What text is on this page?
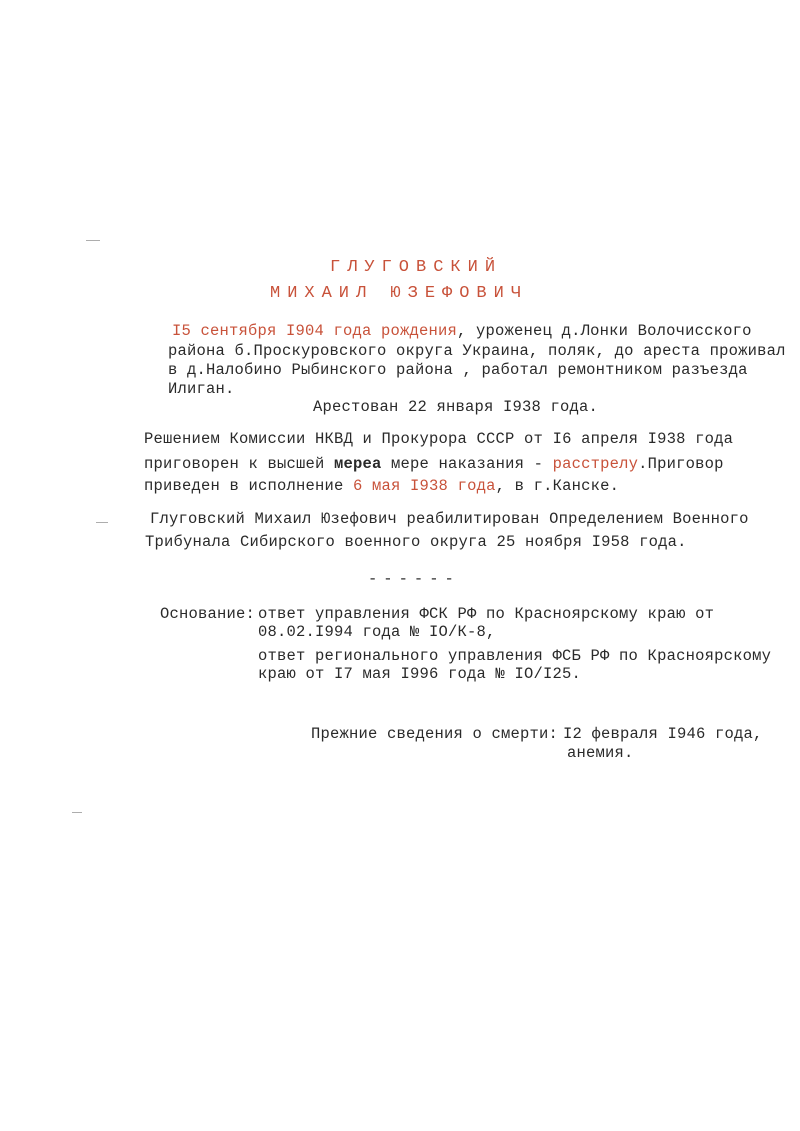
ГЛУГОВСКИЙ
МИХАИЛ ЮЗЕФОВИЧ
I5 сентября I904 года рождения, уроженец д.Лонки Волочисского
района б.Проскуровского округа Украина, поляк, до ареста проживал
в д.Налобино Рыбинского района , работал ремонтником разъезда
Илиган.
Арестован 22 января I938 года.
Решением Комиссии НКВД и Прокурора СССР от I6 апреля I938 года
приговорен к высшей мереа мере наказания - расстрелу.Приговор
приведен в исполнение 6 мая I938 года, в г.Канске.
Глуговский Михаил Юзефович реабилитирован Определением Военного
Трибунала Сибирского военного округа 25 ноября I958 года.
------
Основание: ответ управления ФСК РФ по Красноярскому краю от
08.02.I994 года № IO/К-8,
ответ регионального управления ФСБ РФ по Красноярскому
краю от I7 мая I996 года № IO/I25.
Прежние сведения о смерти: I2 февраля I946 года,
анемия.
